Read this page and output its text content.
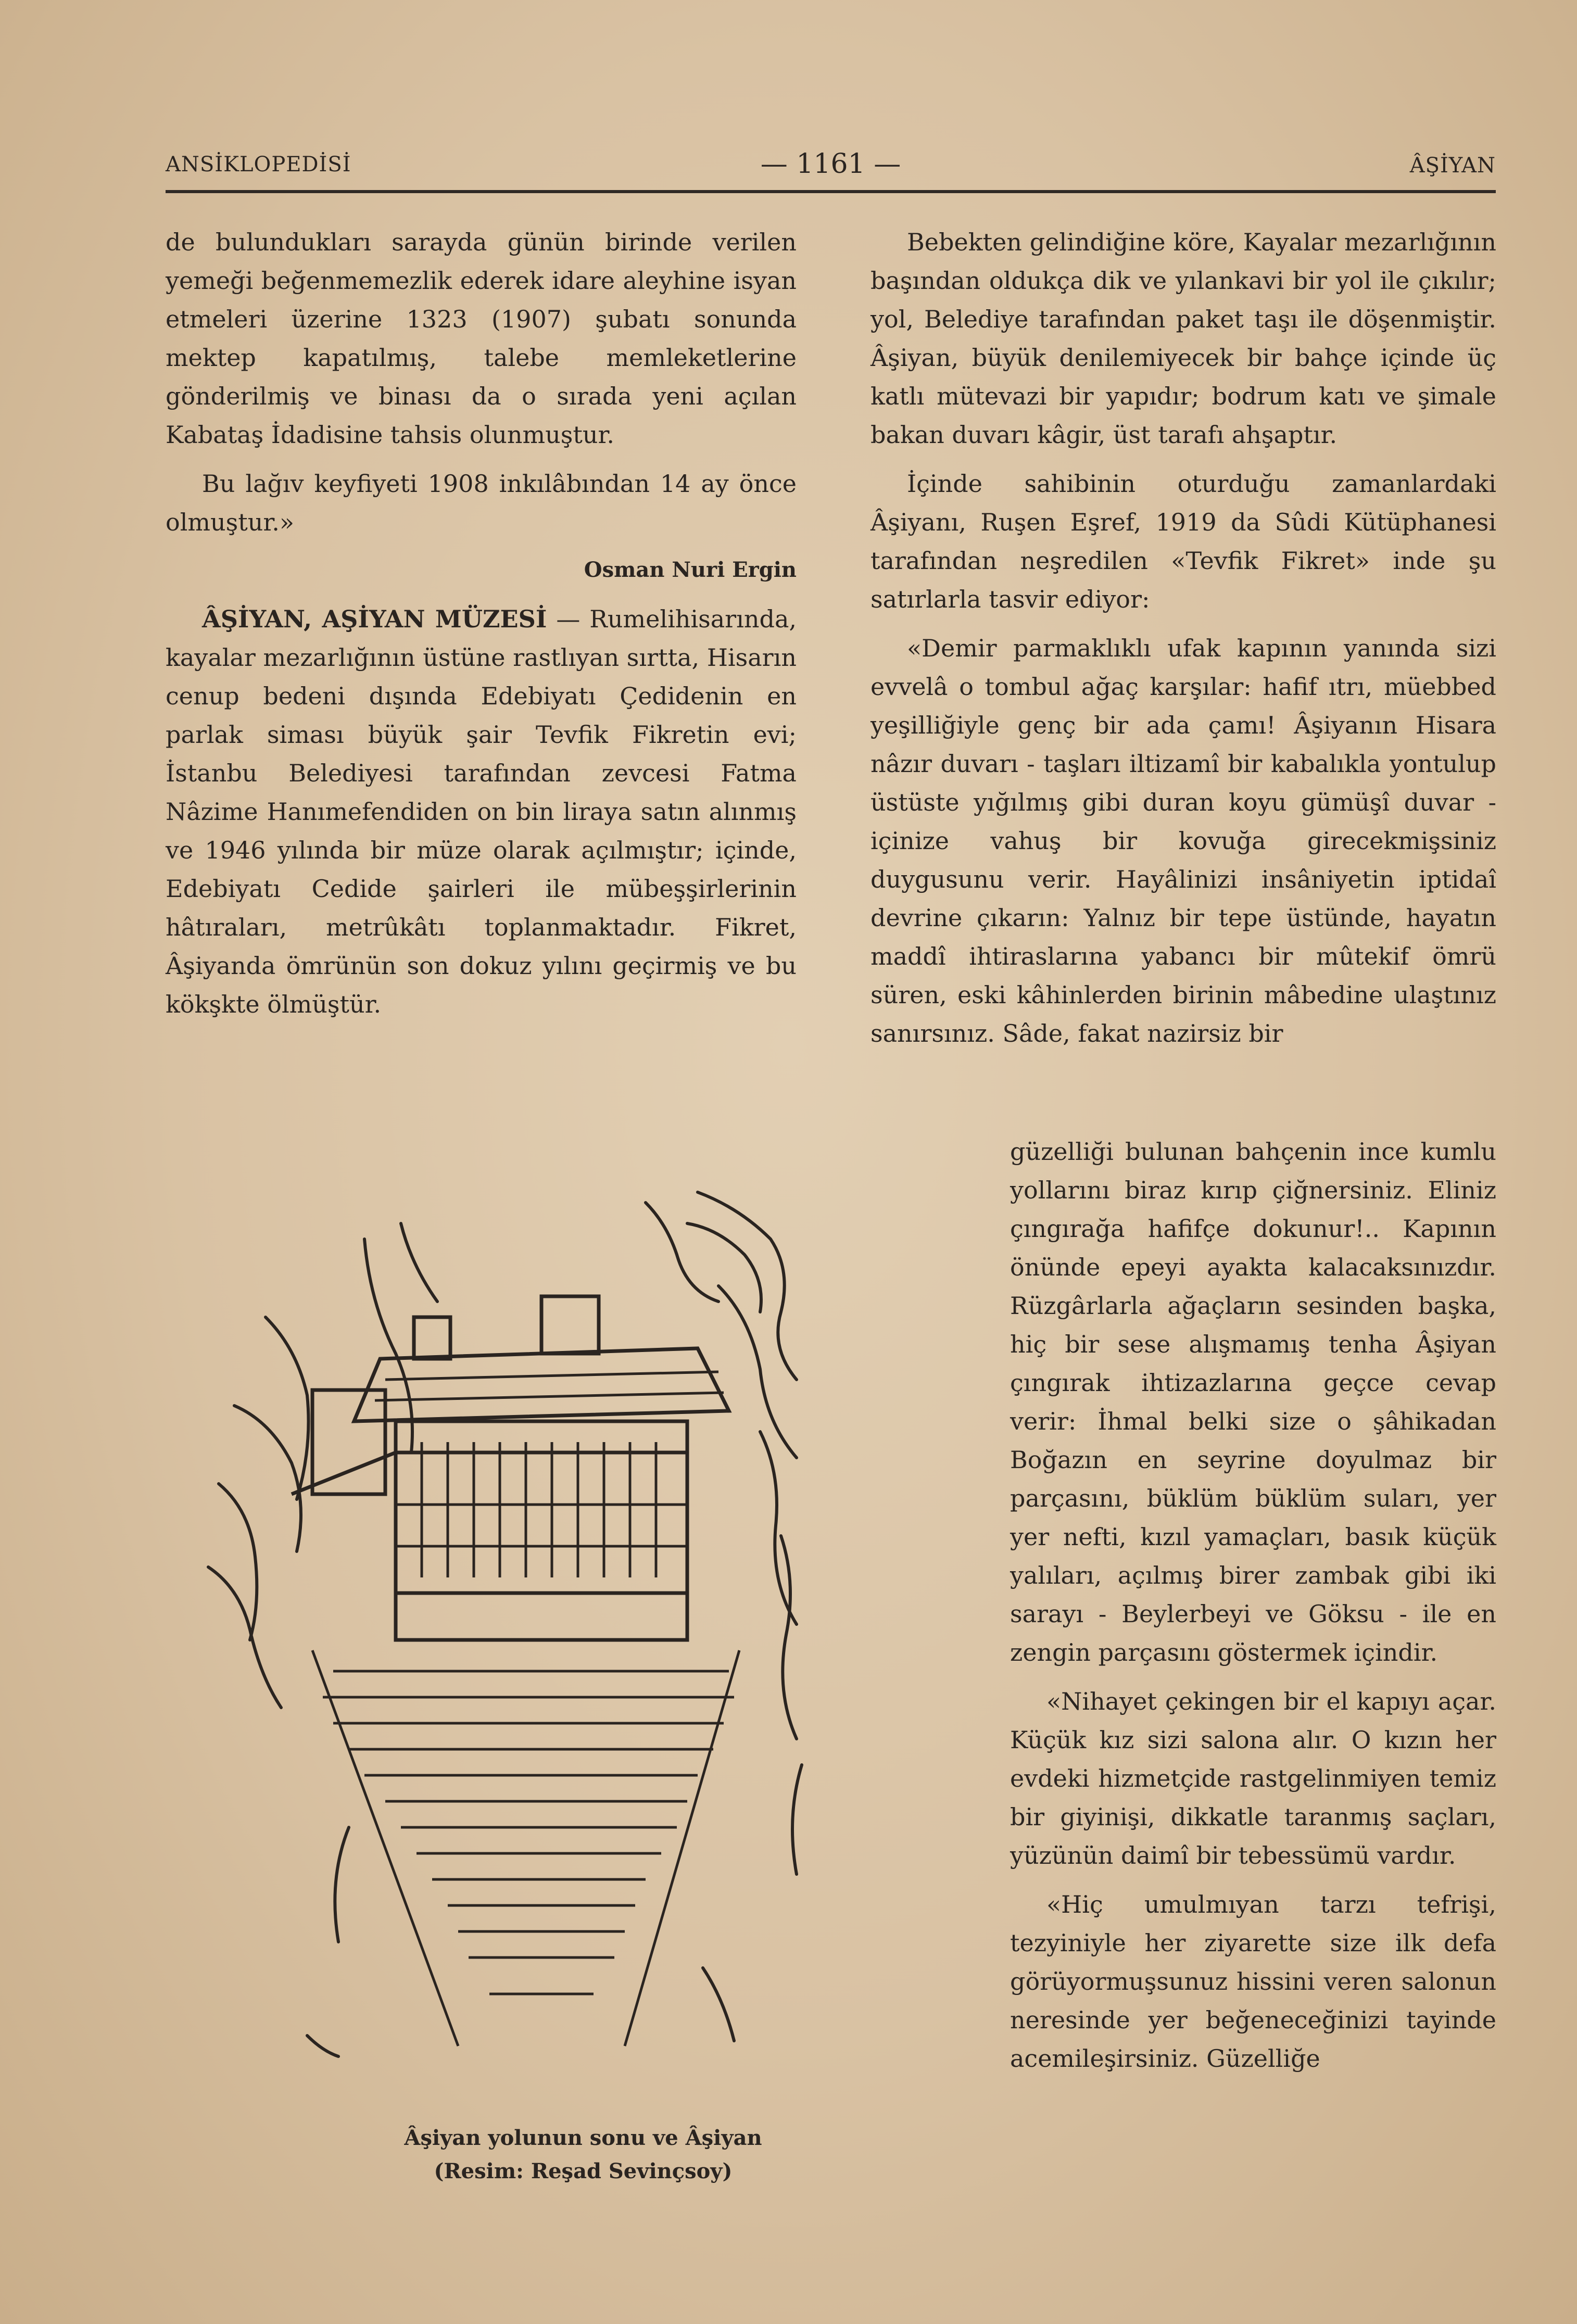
ANSİKLOPEDİSİ	— 1161 —	ÂŞİYAN

de bulundukları sarayda günün birinde verilen yemeği beğenmemezlik ederek idare aleyhine isyan etmeleri üzerine 1323 (1907) şubatı sonunda mektep kapatılmış, talebe memleketlerine gönderilmiş ve binası da o sırada yeni açılan Kabataş İdadisine tahsis olunmuştur.

Bu lağıv keyfiyeti 1908 inkılâbından 14 ay önce olmuştur.»

Osman Nuri Ergin

ÂŞİYAN, AŞİYAN MÜZESİ — Rumelihisarında, kayalar mezarlığının üstüne rastlıyan sırtta, Hisarın cenup bedeni dışında Edebiyatı Çedidenin en parlak siması büyük şair Tevfik Fikretin evi; İstanbu Belediyesi tarafından zevcesi Fatma Nâzime Hanımefendiden on bin liraya satın alınmış ve 1946 yılında bir müze olarak açılmıştır; içinde, Edebiyatı Cedide şairleri ile mübeşşirlerinin hâtıraları, metrûkâtı toplanmaktadır. Fikret, Âşiyanda ömrünün son dokuz yılını geçirmiş ve bu kökşkte ölmüştür.

Bebekten gelindiğine köre, Kayalar mezarlığının başından oldukça dik ve yılankavi bir yol ile çıkılır; yol, Belediye tarafından paket taşı ile döşenmiştir. Âşiyan, büyük denilemiyecek bir bahçe içinde üç katlı mütevazi bir yapıdır; bodrum katı ve şimale bakan duvarı kâgir, üst tarafı ahşaptır.

İçinde sahibinin oturduğu zamanlardaki Âşiyanı, Ruşen Eşref, 1919 da Sûdi Kütüphanesi tarafından neşredilen «Tevfik Fikret» inde şu satırlarla tasvir ediyor:

«Demir parmaklıklı ufak kapının yanında sizi evvelâ o tombul ağaç karşılar: hafif ıtrı, müebbed yeşilliğiyle genç bir ada çamı! Âşiyanın Hisara nâzır duvarı - taşları iltizamî bir kabalıkla yontulup üstüste yığılmış gibi duran koyu gümüşî duvar - içinize vahuş bir kovuğa girecekmişsiniz duygusunu verir. Hayâlinizi insâniyetin iptidaî devrine çıkarın: Yalnız bir tepe üstünde, hayatın maddî ihtiraslarına yabancı bir mûtekif ömrü süren, eski kâhinlerden birinin mâbedine ulaştınız sanırsınız. Sâde, fakat nazirsiz bir

güzelliği bulunan bahçenin ince kumlu yollarını biraz kırıp çiğnersiniz. Eliniz çıngırağa hafifçe dokunur!.. Kapının önünde epeyi ayakta kalacaksınızdır. Rüzgârlarla ağaçların sesinden başka, hiç bir sese alışmamış tenha Âşiyan çıngırak ihtizazlarına geçce cevap verir: İhmal belki size o şâhikadan Boğazın en seyrine doyulmaz bir parçasını, büklüm büklüm suları, yer yer nefti, kızıl yamaçları, basık küçük yalıları, açılmış birer zambak gibi iki sarayı - Beylerbeyi ve Göksu - ile en zengin parçasını göstermek içindir.

«Nihayet çekingen bir el kapıyı açar. Küçük kız sizi salona alır. O kızın her evdeki hizmetçide rastgelinmiyen temiz bir giyinişi, dikkatle taranmış saçları, yüzünün daimî bir tebessümü vardır.

«Hiç umulmıyan tarzı tefrişi, tezyiniyle her ziyarette size ilk defa görüyormuşsunuz hissini veren salonun neresinde yer beğeneceğinizi tayinde acemileşirsiniz. Güzelliğe

Âşiyan yolunun sonu ve Âşiyan
(Resim: Reşad Sevinçsoy)
